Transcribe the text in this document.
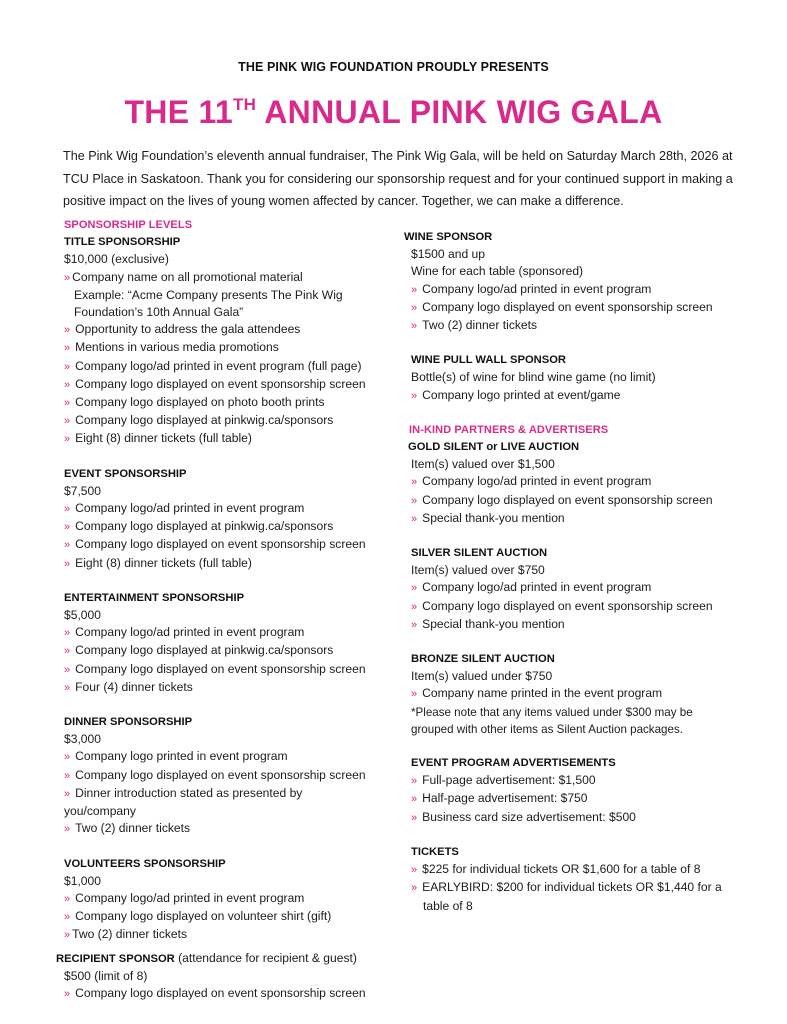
THE PINK WIG FOUNDATION PROUDLY PRESENTS
THE 11TH ANNUAL PINK WIG GALA
The Pink Wig Foundation’s eleventh annual fundraiser, The Pink Wig Gala, will be held on Saturday March 28th, 2026 at TCU Place in Saskatoon. Thank you for considering our sponsorship request and for your continued support in making a positive impact on the lives of young women affected by cancer. Together, we can make a difference.
SPONSORSHIP LEVELS
TITLE SPONSORSHIP
$10,000 (exclusive)
» Company name on all promotional material
Example: “Acme Company presents The Pink Wig
Foundation’s 10th Annual Gala”
» Opportunity to address the gala attendees
» Mentions in various media promotions
» Company logo/ad printed in event program (full page)
» Company logo displayed on event sponsorship screen
» Company logo displayed on photo booth prints
» Company logo displayed at pinkwig.ca/sponsors
» Eight (8) dinner tickets (full table)
EVENT SPONSORSHIP
$7,500
» Company logo/ad printed in event program
» Company logo displayed at pinkwig.ca/sponsors
» Company logo displayed on event sponsorship screen
» Eight (8) dinner tickets (full table)
ENTERTAINMENT SPONSORSHIP
$5,000
» Company logo/ad printed in event program
» Company logo displayed at pinkwig.ca/sponsors
» Company logo displayed on event sponsorship screen
» Four (4) dinner tickets
DINNER SPONSORSHIP
$3,000
» Company logo printed in event program
» Company logo displayed on event sponsorship screen
» Dinner introduction stated as presented by
you/company
» Two (2) dinner tickets
VOLUNTEERS SPONSORSHIP
$1,000
» Company logo/ad printed in event program
» Company logo displayed on volunteer shirt (gift)
» Two (2) dinner tickets
RECIPIENT SPONSOR (attendance for recipient & guest)
$500 (limit of 8)
» Company logo displayed on event sponsorship screen
WINE SPONSOR
$1500 and up
Wine for each table (sponsored)
» Company logo/ad printed in event program
» Company logo displayed on event sponsorship screen
» Two (2) dinner tickets
WINE PULL WALL SPONSOR
Bottle(s) of wine for blind wine game (no limit)
» Company logo printed at event/game
IN-KIND PARTNERS & ADVERTISERS
GOLD SILENT or LIVE AUCTION
Item(s) valued over $1,500
» Company logo/ad printed in event program
» Company logo displayed on event sponsorship screen
» Special thank-you mention
SILVER SILENT AUCTION
Item(s) valued over $750
» Company logo/ad printed in event program
» Company logo displayed on event sponsorship screen
» Special thank-you mention
BRONZE SILENT AUCTION
Item(s) valued under $750
» Company name printed in the event program
*Please note that any items valued under $300 may be
grouped with other items as Silent Auction packages.
EVENT PROGRAM ADVERTISEMENTS
» Full-page advertisement: $1,500
» Half-page advertisement: $750
» Business card size advertisement: $500
TICKETS
» $225 for individual tickets OR $1,600 for a table of 8
» EARLYBIRD: $200 for individual tickets OR $1,440 for a
table of 8
